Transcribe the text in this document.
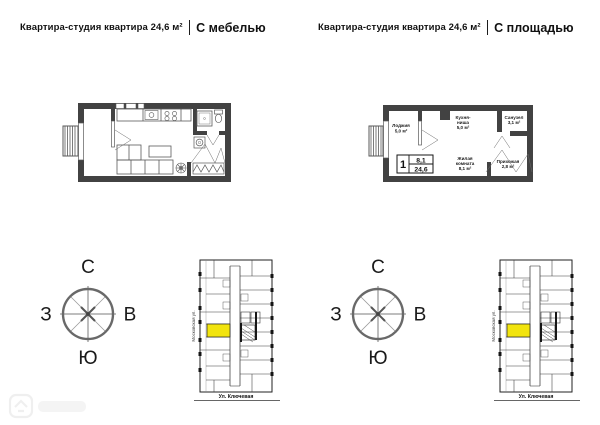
Квартира-студия квартира 24,6 м² С мебелью
Московская ул.
Ул. Ключевая
Квартира-студия квартира 24,6 м² С площадью
Лоджия
5,0 м²
Кухня-
ниша
5,0 м²
Санузел
3,1 м²
Жилая
комната
8,1 м²
Прихожая
2,8 м²
1 8,1
24,6
Московская ул.
Ул. Ключевая
